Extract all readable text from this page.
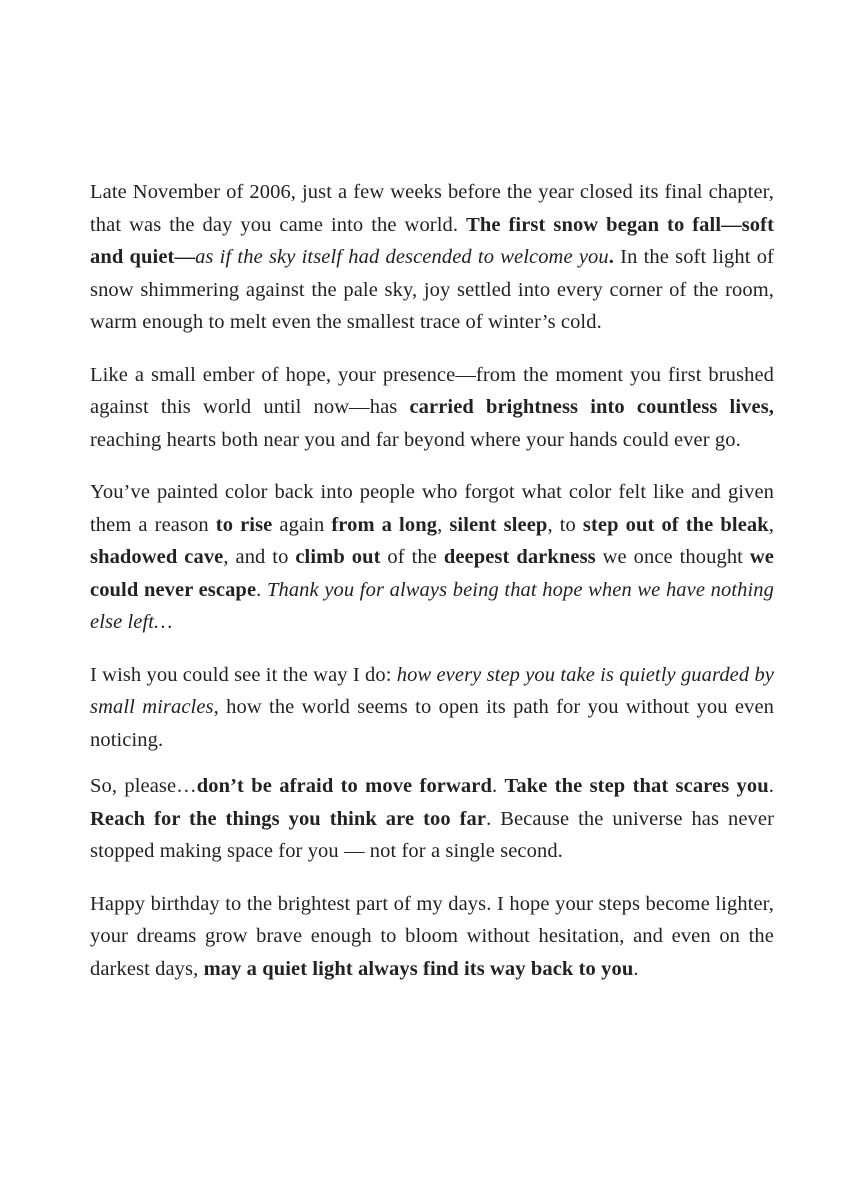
Late November of 2006, just a few weeks before the year closed its final chapter, that was the day you came into the world. The first snow began to fall—soft and quiet—as if the sky itself had descended to welcome you. In the soft light of snow shimmering against the pale sky, joy settled into every corner of the room, warm enough to melt even the smallest trace of winter’s cold.

Like a small ember of hope, your presence—from the moment you first brushed against this world until now—has carried brightness into countless lives, reaching hearts both near you and far beyond where your hands could ever go.

You’ve painted color back into people who forgot what color felt like and given them a reason to rise again from a long, silent sleep, to step out of the bleak, shadowed cave, and to climb out of the deepest darkness we once thought we could never escape. Thank you for always being that hope when we have nothing else left…

I wish you could see it the way I do: how every step you take is quietly guarded by small miracles, how the world seems to open its path for you without you even noticing.

So, please…don’t be afraid to move forward. Take the step that scares you. Reach for the things you think are too far. Because the universe has never stopped making space for you — not for a single second.

Happy birthday to the brightest part of my days. I hope your steps become lighter, your dreams grow brave enough to bloom without hesitation, and even on the darkest days, may a quiet light always find its way back to you.
